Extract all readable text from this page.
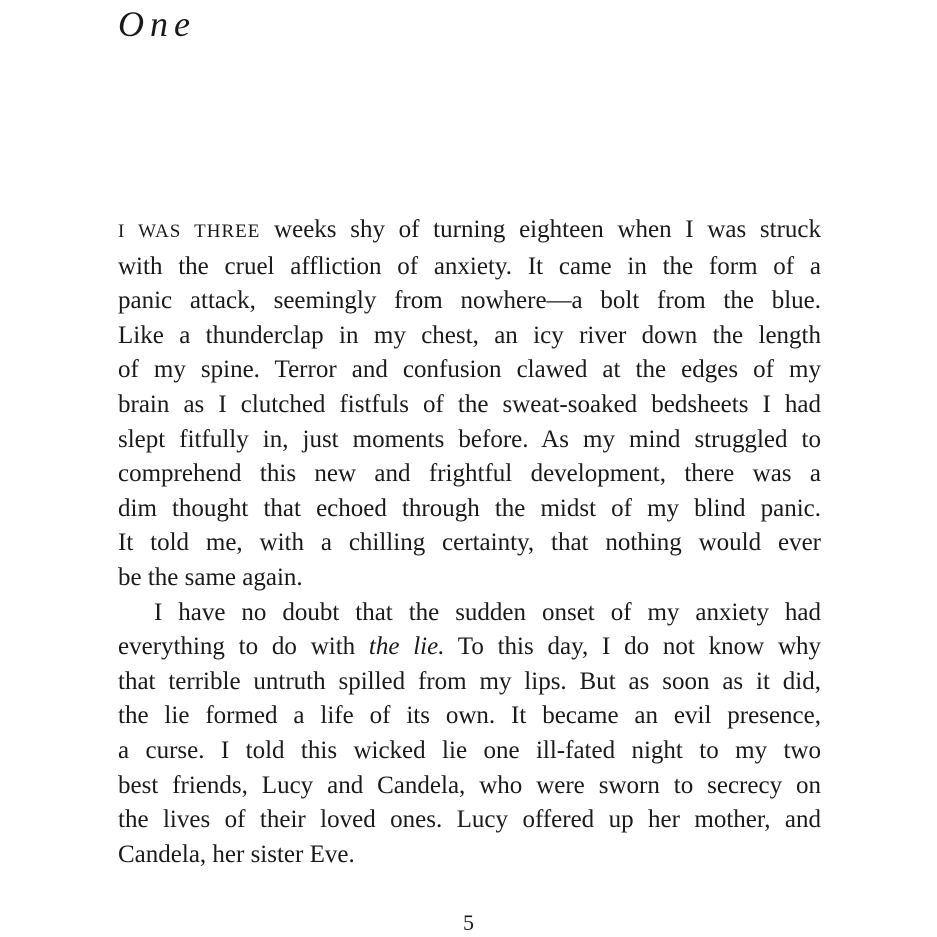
One
I WAS THREE weeks shy of turning eighteen when I was struck
with the cruel affliction of anxiety. It came in the form of a
panic attack, seemingly from nowhere—a bolt from the blue.
Like a thunderclap in my chest, an icy river down the length
of my spine. Terror and confusion clawed at the edges of my
brain as I clutched fistfuls of the sweat-soaked bedsheets I had
slept fitfully in, just moments before. As my mind struggled to
comprehend this new and frightful development, there was a
dim thought that echoed through the midst of my blind panic.
It told me, with a chilling certainty, that nothing would ever
be the same again.
I have no doubt that the sudden onset of my anxiety had
everything to do with the lie. To this day, I do not know why
that terrible untruth spilled from my lips. But as soon as it did,
the lie formed a life of its own. It became an evil presence,
a curse. I told this wicked lie one ill-fated night to my two
best friends, Lucy and Candela, who were sworn to secrecy on
the lives of their loved ones. Lucy offered up her mother, and
Candela, her sister Eve.
5
